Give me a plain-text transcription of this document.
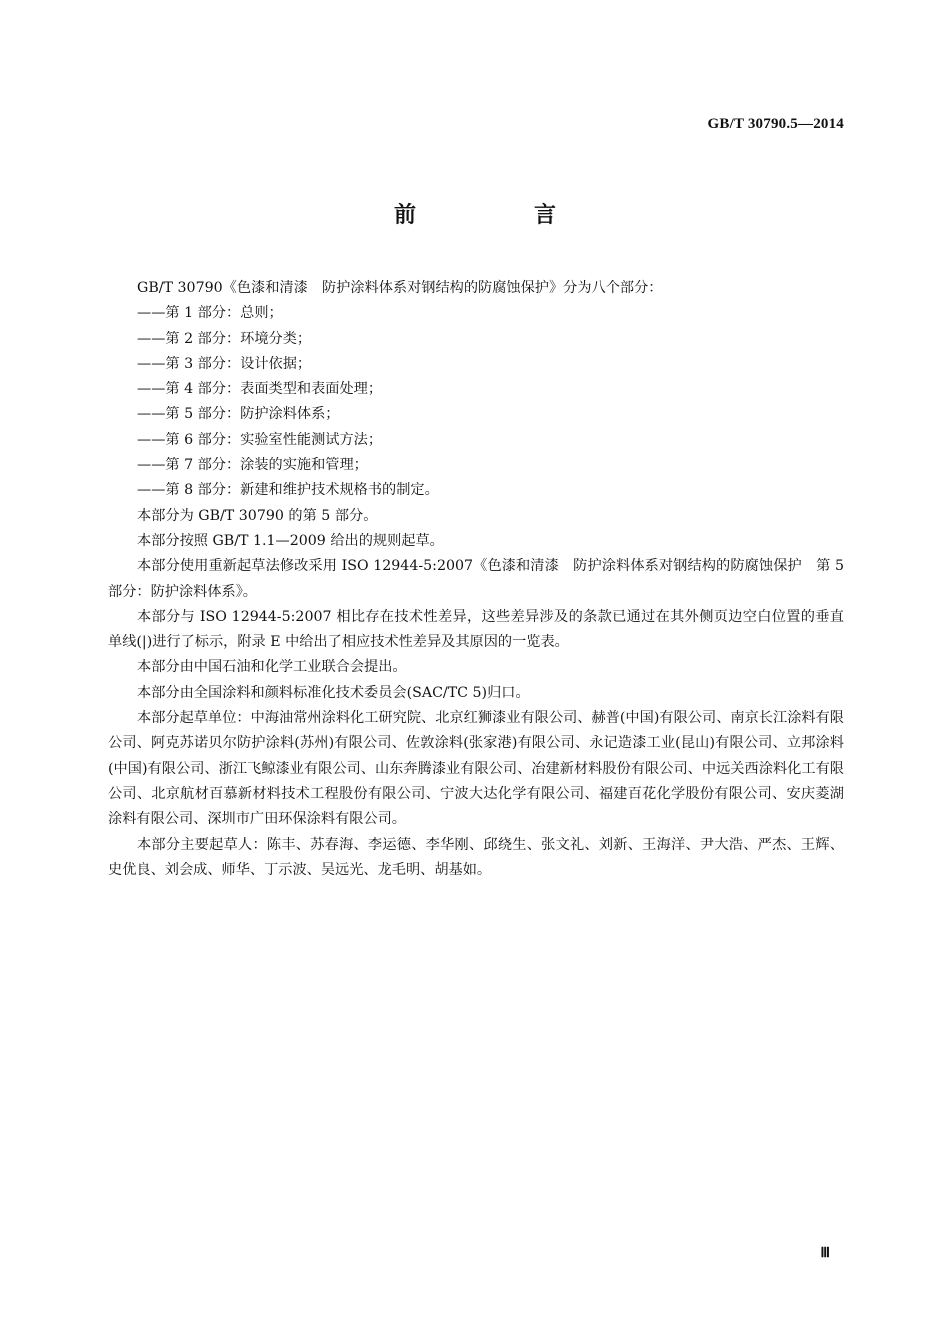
GB/T 30790.5—2014
前　言

GB/T 30790《色漆和清漆　防护涂料体系对钢结构的防腐蚀保护》分为八个部分：

——第 1 部分：总则；

——第 2 部分：环境分类；

——第 3 部分：设计依据；

——第 4 部分：表面类型和表面处理；

——第 5 部分：防护涂料体系；

——第 6 部分：实验室性能测试方法；

——第 7 部分：涂装的实施和管理；

——第 8 部分：新建和维护技术规格书的制定。

本部分为 GB/T 30790 的第 5 部分。

本部分按照 GB/T 1.1—2009 给出的规则起草。

本部分使用重新起草法修改采用 ISO 12944-5:2007《色漆和清漆　防护涂料体系对钢结构的防腐蚀保护　第 5 部分：防护涂料体系》。

本部分与 ISO 12944-5:2007 相比存在技术性差异，这些差异涉及的条款已通过在其外侧页边空白位置的垂直单线(|)进行了标示，附录 E 中给出了相应技术性差异及其原因的一览表。

本部分由中国石油和化学工业联合会提出。

本部分由全国涂料和颜料标准化技术委员会(SAC/TC 5)归口。

本部分起草单位：中海油常州涂料化工研究院、北京红狮漆业有限公司、赫普(中国)有限公司、南京长江涂料有限公司、阿克苏诺贝尔防护涂料(苏州)有限公司、佐敦涂料(张家港)有限公司、永记造漆工业(昆山)有限公司、立邦涂料(中国)有限公司、浙江飞鲸漆业有限公司、山东奔腾漆业有限公司、冶建新材料股份有限公司、中远关西涂料化工有限公司、北京航材百慕新材料技术工程股份有限公司、宁波大达化学有限公司、福建百花化学股份有限公司、安庆菱湖涂料有限公司、深圳市广田环保涂料有限公司。

本部分主要起草人：陈丰、苏春海、李运德、李华刚、邱绕生、张文礼、刘新、王海洋、尹大浩、严杰、王辉、史优良、刘会成、师华、丁示波、吴远光、龙毛明、胡基如。

Ⅲ
